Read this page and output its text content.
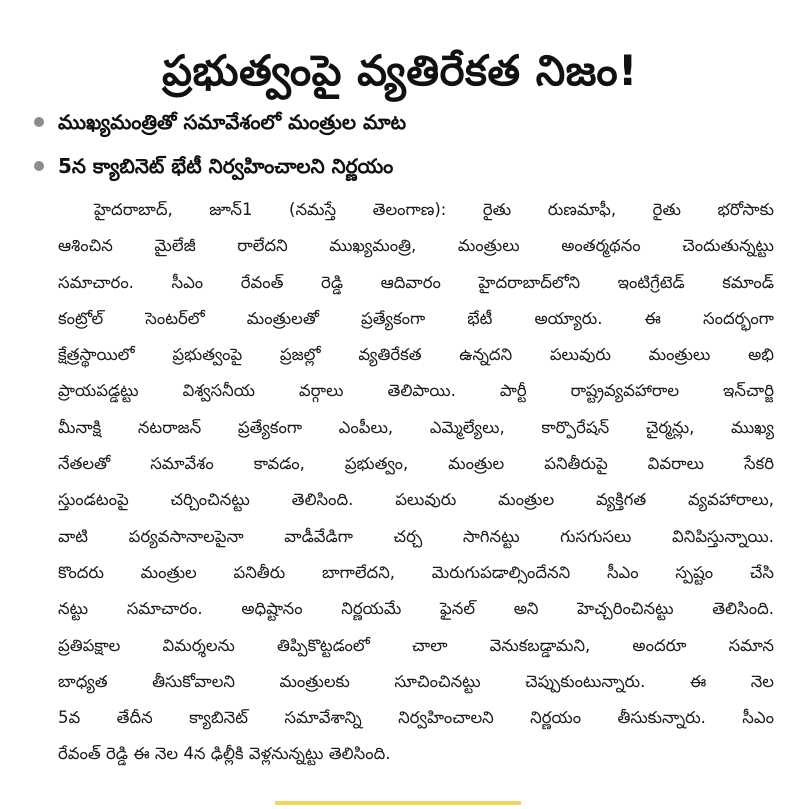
ప్రభుత్వంపై వ్యతిరేకత నిజం!
ముఖ్యమంత్రితో సమావేశంలో మంత్రుల మాట
5న క్యాబినెట్ భేటీ నిర్వహించాలని నిర్ణయం
హైదరాబాద్, జూన్1 (నమస్తే తెలంగాణ): రైతు రుణమాఫీ, రైతు భరోసాకు
ఆశించిన మైలేజీ రాలేదని ముఖ్యమంత్రి, మంత్రులు అంతర్మథనం చెందుతున్నట్టు
సమాచారం. సీఎం రేవంత్ రెడ్డి ఆదివారం హైదరాబాద్‌లోని ఇంటిగ్రేటెడ్ కమాండ్
కంట్రోల్ సెంటర్‌లో మంత్రులతో ప్రత్యేకంగా భేటీ అయ్యారు. ఈ సందర్భంగా
క్షేత్రస్థాయిలో ప్రభుత్వంపై ప్రజల్లో వ్యతిరేకత ఉన్నదని పలువురు మంత్రులు అభి
ప్రాయపడ్డట్టు విశ్వసనీయ వర్గాలు తెలిపాయి. పార్టీ రాష్ట్రవ్యవహారాల ఇన్‌చార్జి
మీనాక్షి నటరాజన్ ప్రత్యేకంగా ఎంపీలు, ఎమ్మెల్యేలు, కార్పొరేషన్ చైర్మన్లు, ముఖ్య
నేతలతో సమావేశం కావడం, ప్రభుత్వం, మంత్రుల పనితీరుపై వివరాలు సేకరి
స్తుండటంపై చర్చించినట్టు తెలిసింది. పలువురు మంత్రుల వ్యక్తిగత వ్యవహారాలు,
వాటి పర్యవసానాలపైనా వాడీవేడిగా చర్చ సాగినట్టు గుసగుసలు వినిపిస్తున్నాయి.
కొందరు మంత్రుల పనితీరు బాగాలేదని, మెరుగుపడాల్సిందేనని సీఎం స్పష్టం చేసి
నట్టు సమాచారం. అధిష్టానం నిర్ణయమే ఫైనల్ అని హెచ్చరించినట్టు తెలిసింది.
ప్రతిపక్షాల విమర్శలను తిప్పికొట్టడంలో చాలా వెనుకబడ్డామని, అందరూ సమాన
బాధ్యత తీసుకోవాలని మంత్రులకు సూచించినట్టు చెప్పుకుంటున్నారు. ఈ నెల
5వ తేదీన క్యాబినెట్ సమావేశాన్ని నిర్వహించాలని నిర్ణయం తీసుకున్నారు. సీఎం
రేవంత్ రెడ్డి ఈ నెల 4న ఢిల్లీకి వెళ్లనున్నట్టు తెలిసింది.
